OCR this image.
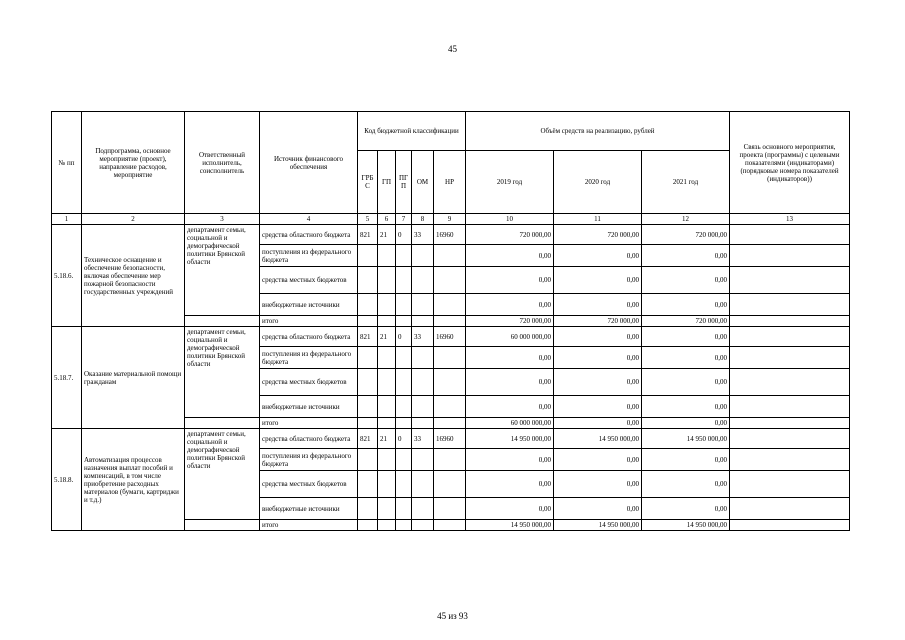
45
№ пп	Подпрограмма, основное мероприятие (проект), направление расходов, мероприятие	Ответственный исполнитель, соисполнитель	Источник финансового обеспечения	Код бюджетной классификации					Объём средств на реализацию, рублей			Связь основного мероприятия, проекта (программы) с целевыми показателями (индикаторами) (порядковые номера показателей (индикаторов))
				ГРБ С	ГП	ПГ П	ОМ	НР	2019 год	2020 год	2021 год	
1	2	3	4	5	6	7	8	9	10	11	12	13
5.18.6.	Техническое оснащение и обеспечение безопасности, включая обеспечение мер пожарной безопасности государственных учреждений	департамент семьи, социальной и демографической политики Брянской области	средства областного бюджета	821	21	0	33	16960	720 000,00	720 000,00	720 000,00	
			поступления из федерального бюджета						0,00	0,00	0,00	
			средства местных бюджетов						0,00	0,00	0,00	
			внебюджетные источники						0,00	0,00	0,00	
			итого						720 000,00	720 000,00	720 000,00	
5.18.7.	Оказание материальной помощи гражданам	департамент семьи, социальной и демографической политики Брянской области	средства областного бюджета	821	21	0	33	16960	60 000 000,00	0,00	0,00	
			поступления из федерального бюджета						0,00	0,00	0,00	
			средства местных бюджетов						0,00	0,00	0,00	
			внебюджетные источники						0,00	0,00	0,00	
			итого						60 000 000,00	0,00	0,00	
5.18.8.	Автоматизация процессов назначения выплат пособий и компенсаций, в том числе приобретение расходных материалов (бумаги, картриджи и т.д.)	департамент семьи, социальной и демографической политики Брянской области	средства областного бюджета	821	21	0	33	16960	14 950 000,00	14 950 000,00	14 950 000,00	
			поступления из федерального бюджета						0,00	0,00	0,00	
			средства местных бюджетов						0,00	0,00	0,00	
			внебюджетные источники						0,00	0,00	0,00	
			итого						14 950 000,00	14 950 000,00	14 950 000,00	
45 из 93
